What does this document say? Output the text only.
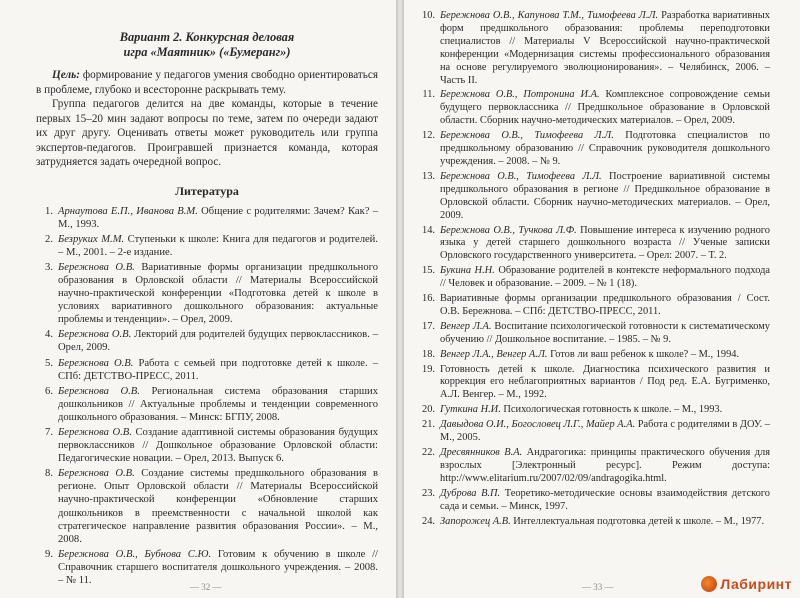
Вариант 2. Конкурсная деловая
игра «Маятник» («Бумеранг»)

Цель: формирование у педагогов умения свободно ориентироваться в проблеме, глубоко и всесторонне раскрывать тему.

Группа педагогов делится на две команды, которые в течение первых 15–20 мин задают вопросы по теме, затем по очереди задают их друг другу. Оценивать ответы может руководитель или группа экспертов-педагогов. Проигравшей признается команда, которая затрудняется задать очередной вопрос.

Литература
1. Арнаутова Е.П., Иванова В.М. Общение с родителями: Зачем? Как? – М., 1993.
2. Безруких М.М. Ступеньки к школе: Книга для педагогов и родителей. – М., 2001. – 2-е издание.
3. Бережнова О.В. Вариативные формы организации предшкольного образования в Орловской области // Материалы Всероссийской научно-практической конференции «Подготовка детей к школе в условиях вариативного дошкольного образования: актуальные проблемы и тенденции». – Орел, 2009.
4. Бережнова О.В. Лекторий для родителей будущих первоклассников. – Орел, 2009.
5. Бережнова О.В. Работа с семьей при подготовке детей к школе. – СПб: ДЕТСТВО-ПРЕСС, 2011.
6. Бережнова О.В. Региональная система образования старших дошкольников // Актуальные проблемы и тенденции современного дошкольного образования. – Минск: БГПУ, 2008.
7. Бережнова О.В. Создание адаптивной системы образования будущих первоклассников // Дошкольное образование Орловской области: Педагогические новации. – Орел, 2013. Выпуск 6.
8. Бережнова О.В. Создание системы предшкольного образования в регионе. Опыт Орловской области // Материалы Всероссийской научно-практической конференции «Обновление старших дошкольников в преемственности с начальной школой как стратегическое направление развития образования России». – М., 2008.
9. Бережнова О.В., Бубнова С.Ю. Готовим к обучению в школе // Справочник старшего воспитателя дошкольного учреждения. – 2008. – № 11.
— 32 —
10. Бережнова О.В., Капунова Т.М., Тимофеева Л.Л. Разработка вариативных форм предшкольного образования: проблемы переподготовки специалистов // Материалы V Всероссийской научно-практической конференции «Модернизация системы профессионального образования на основе регулируемого эволюционирования». – Челябинск, 2006. – Часть II.
11. Бережнова О.В., Потронина И.А. Комплексное сопровождение семьи будущего первоклассника // Предшкольное образование в Орловской области. Сборник научно-методических материалов. – Орел, 2009.
12. Бережнова О.В., Тимофеева Л.Л. Подготовка специалистов по предшкольному образованию // Справочник руководителя дошкольного учреждения. – 2008. – № 9.
13. Бережнова О.В., Тимофеева Л.Л. Построение вариативной системы предшкольного образования в регионе // Предшкольное образование в Орловской области. Сборник научно-методических материалов. – Орел, 2009.
14. Бережнова О.В., Тучкова Л.Ф. Повышение интереса к изучению родного языка у детей старшего дошкольного возраста // Ученые записки Орловского государственного университета. – Орел: 2007. – Т. 2.
15. Букина Н.Н. Образование родителей в контексте неформального подхода // Человек и образование. – 2009. – № 1 (18).
16. Вариативные формы организации предшкольного образования / Сост. О.В. Бережнова. – СПб: ДЕТСТВО-ПРЕСС, 2011.
17. Венгер Л.А. Воспитание психологической готовности к систематическому обучению // Дошкольное воспитание. – 1985. – № 9.
18. Венгер Л.А., Венгер А.Л. Готов ли ваш ребенок к школе? – М., 1994.
19. Готовность детей к школе. Диагностика психического развития и коррекция его неблагоприятных вариантов / Под ред. Е.А. Бугрименко, А.Л. Венгер. – М., 1992.
20. Гуткина Н.И. Психологическая готовность к школе. – М., 1993.
21. Давыдова О.И., Богословец Л.Г., Майер А.А. Работа с родителями в ДОУ. – М., 2005.
22. Дресвянников В.А. Андрагогика: принципы практического обучения для взрослых [Электронный ресурс]. Режим доступа: http://www.elitarium.ru/2007/02/09/andragogika.html.
23. Дуброва В.П. Теоретико-методические основы взаимодействия детского сада и семьи. – Минск, 1997.
24. Запорожец А.В. Интеллектуальная подготовка детей к школе. – М., 1977.
— 33 —	Лабиринт
